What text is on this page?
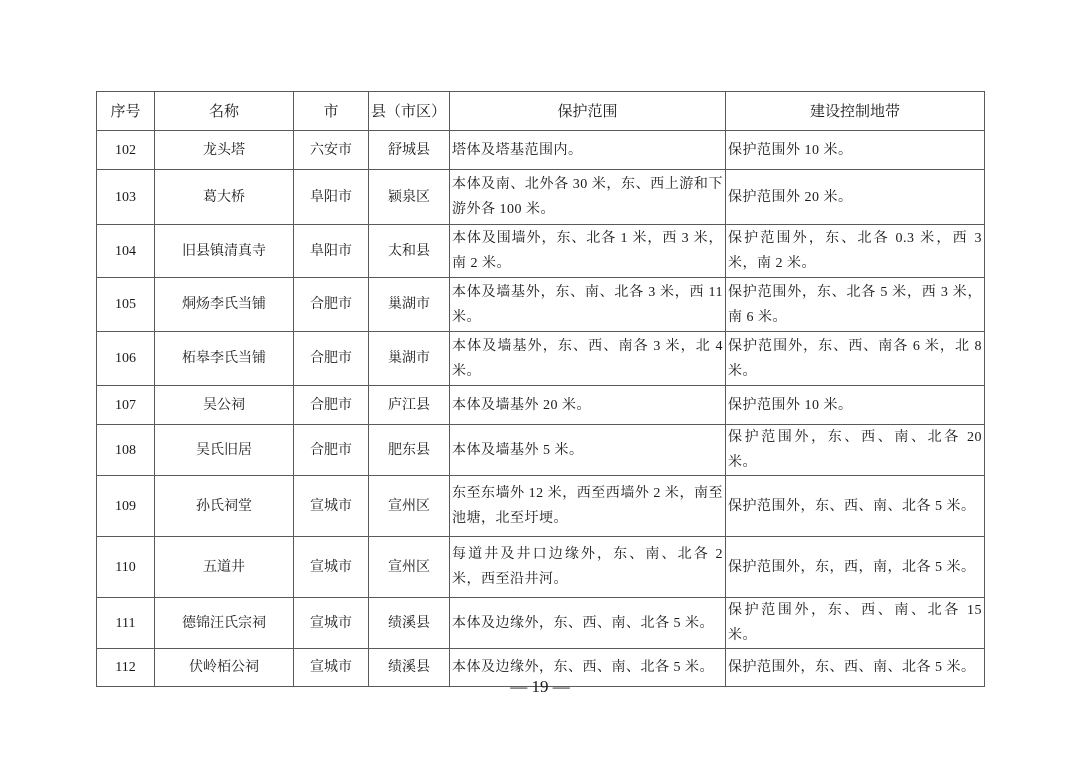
序号	名称	市	县（市区）	保护范围	建设控制地带
102	龙头塔	六安市	舒城县	塔体及塔基范围内。	保护范围外 10 米。
103	葛大桥	阜阳市	颍泉区	本体及南、北外各 30 米，东、西上游和下游外各 100 米。	保护范围外 20 米。
104	旧县镇清真寺	阜阳市	太和县	本体及围墙外，东、北各 1 米，西 3 米，南 2 米。	保护范围外，东、北各 0.3 米，西 3 米，南 2 米。
105	烔炀李氏当铺	合肥市	巢湖市	本体及墙基外，东、南、北各 3 米，西 11 米。	保护范围外，东、北各 5 米，西 3 米，南 6 米。
106	柘皋李氏当铺	合肥市	巢湖市	本体及墙基外，东、西、南各 3 米，北 4 米。	保护范围外，东、西、南各 6 米，北 8 米。
107	吴公祠	合肥市	庐江县	本体及墙基外 20 米。	保护范围外 10 米。
108	吴氏旧居	合肥市	肥东县	本体及墙基外 5 米。	保护范围外，东、西、南、北各 20 米。
109	孙氏祠堂	宣城市	宣州区	东至东墙外 12 米，西至西墙外 2 米，南至池塘，北至圩埂。	保护范围外，东、西、南、北各 5 米。
110	五道井	宣城市	宣州区	每道井及井口边缘外，东、南、北各 2 米，西至沿井河。	保护范围外，东，西，南，北各 5 米。
111	德锦汪氏宗祠	宣城市	绩溪县	本体及边缘外，东、西、南、北各 5 米。	保护范围外，东、西、南、北各 15 米。
112	伏岭栢公祠	宣城市	绩溪县	本体及边缘外，东、西、南、北各 5 米。	保护范围外，东、西、南、北各 5 米。
— 19 —
